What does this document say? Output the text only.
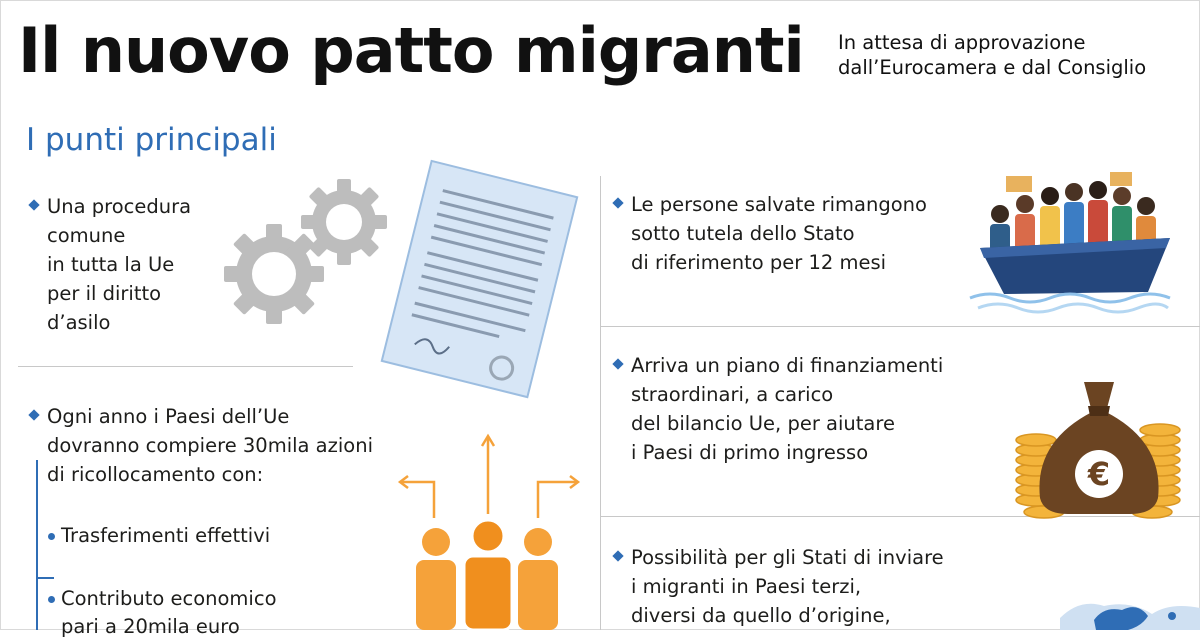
Il nuovo patto migranti In attesa di approvazione
dall’Eurocamera e dal Consiglio
I punti principali
Una procedura
comune
in tutta la Ue
per il diritto
d’asilo
Le persone salvate rimangono
sotto tutela dello Stato
di riferimento per 12 mesi
Ogni anno i Paesi dell’Ue
dovranno compiere 30mila azioni
di ricollocamento con:
Trasferimenti effettivi
Contributo economico
pari a 20mila euro
Arriva un piano di finanziamenti
straordinari, a carico
del bilancio Ue, per aiutare
i Paesi di primo ingresso
€
Possibilità per gli Stati di inviare
i migranti in Paesi terzi,
diversi da quello d’origine,
